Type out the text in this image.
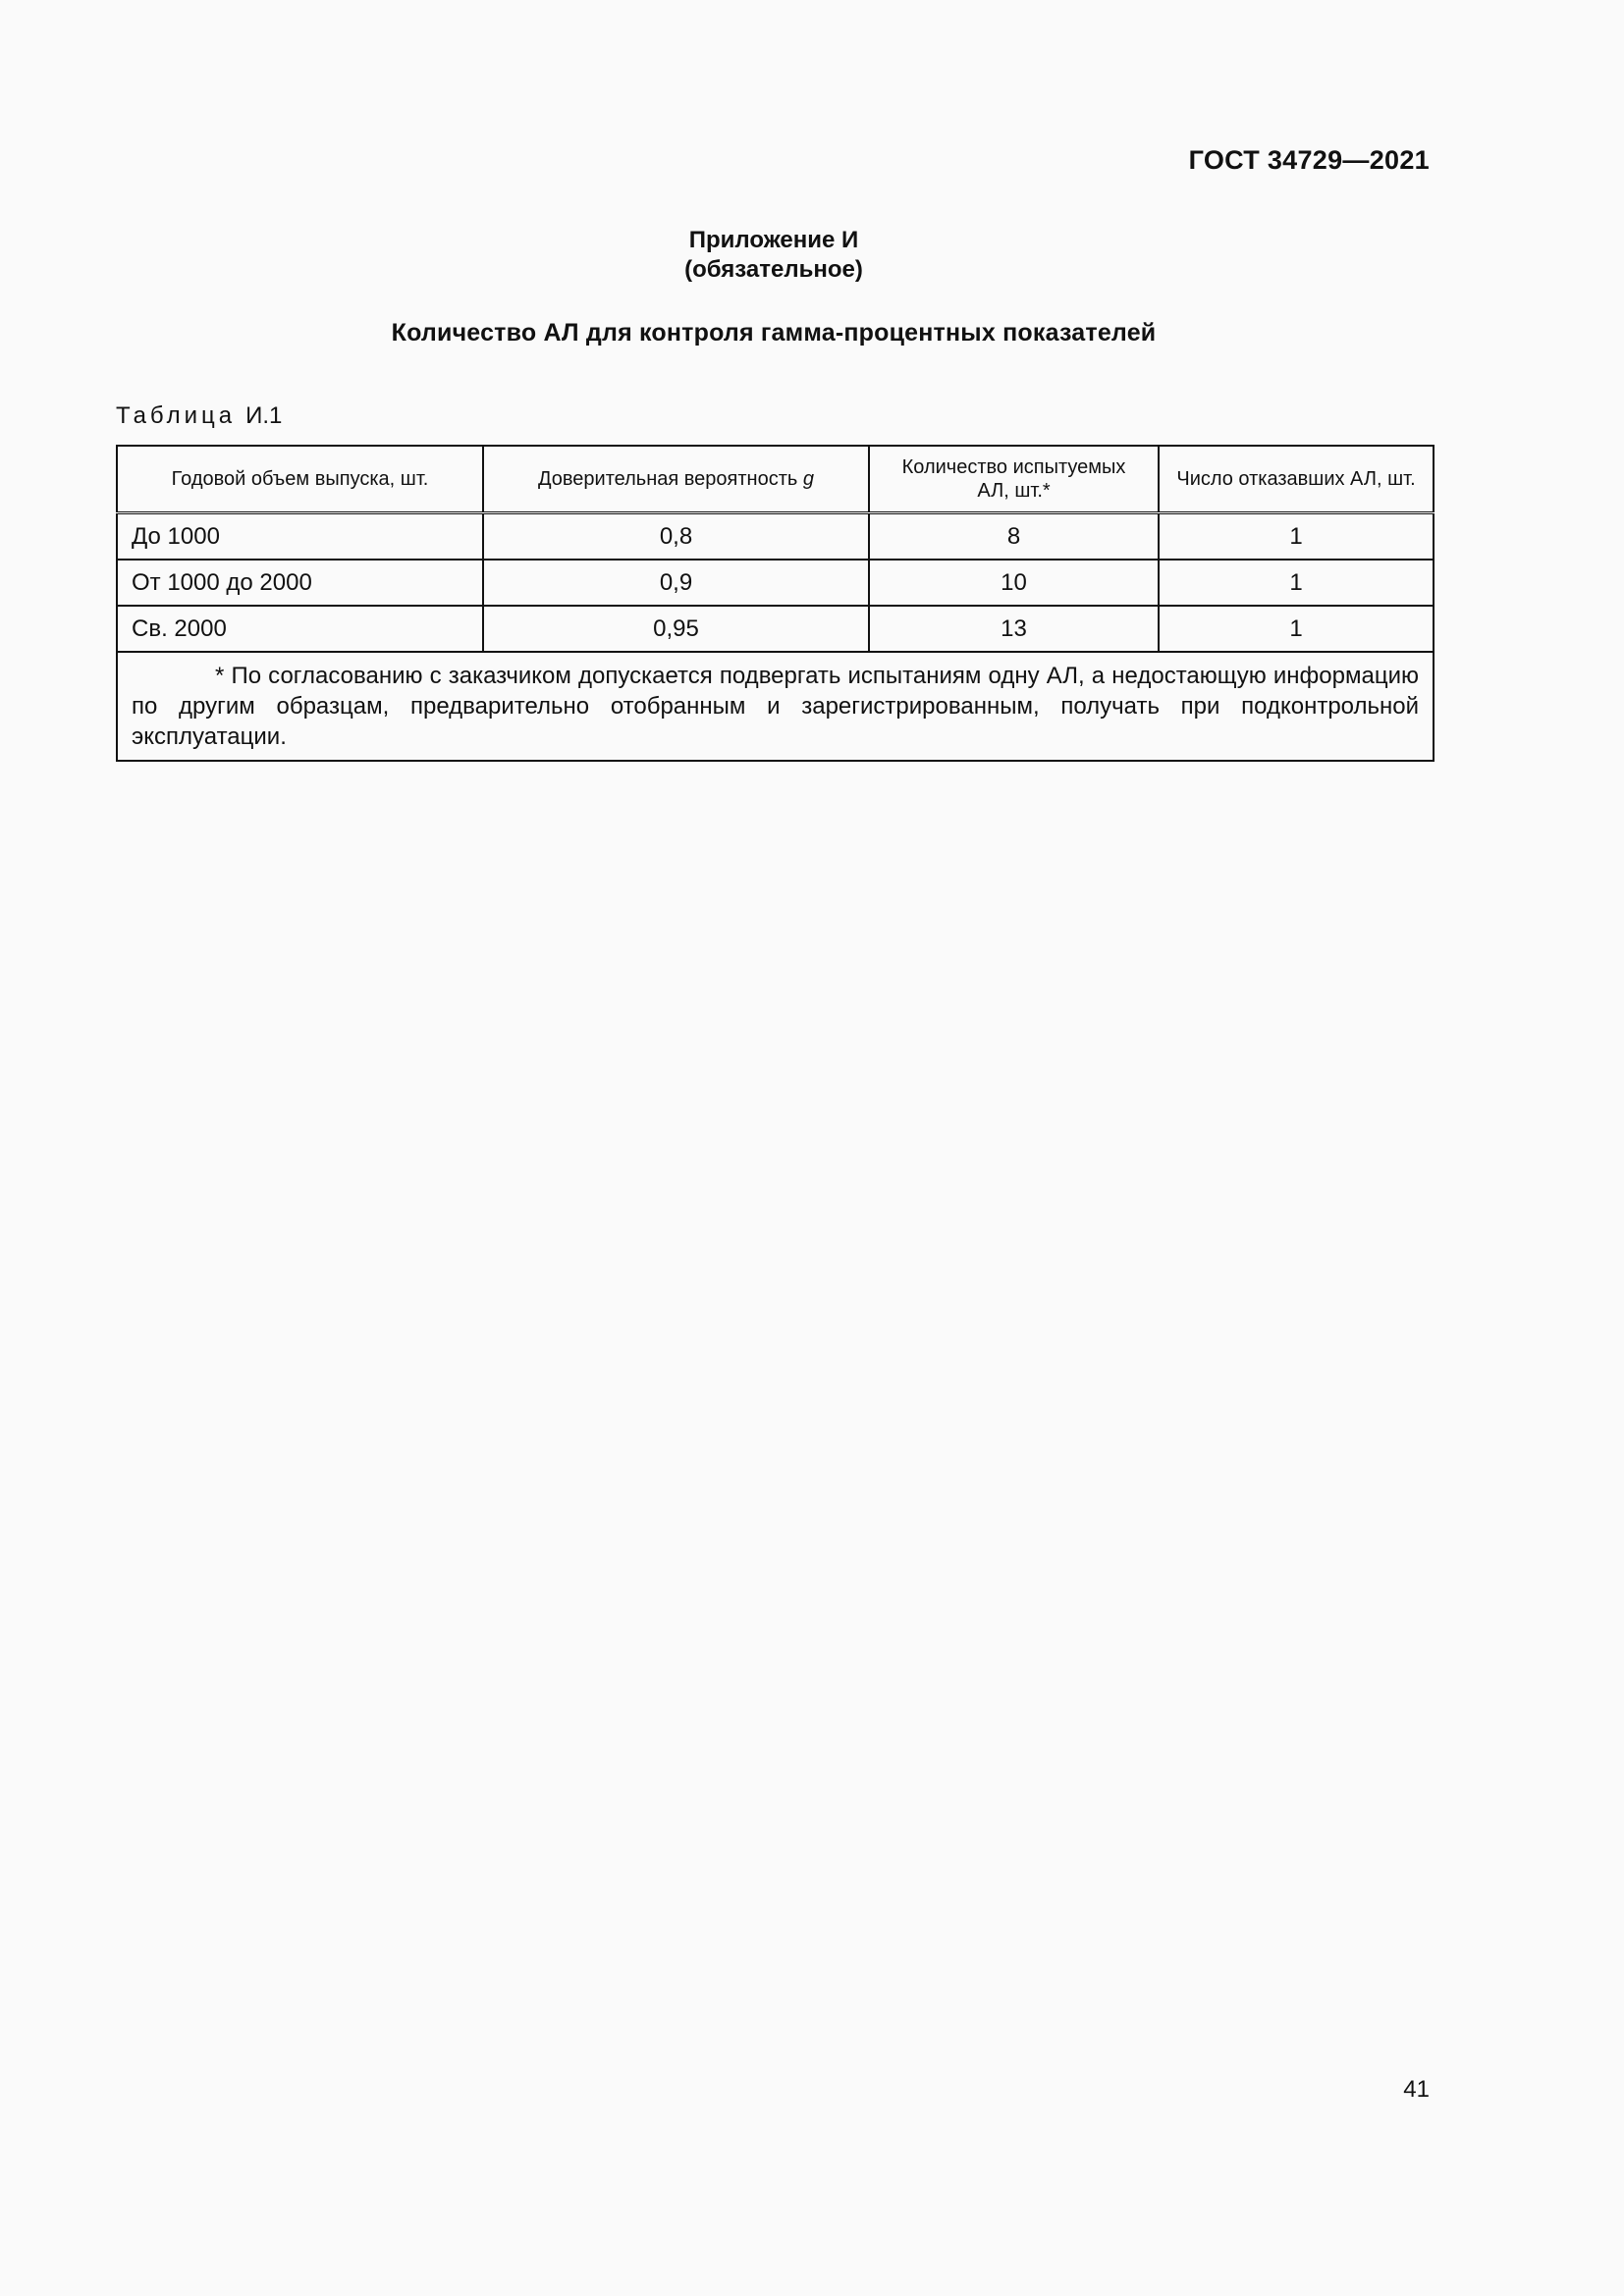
ГОСТ 34729—2021
Приложение И
(обязательное)
Количество АЛ для контроля гамма-процентных показателей
Таблица И.1
Годовой объем выпуска, шт.	Доверительная вероятность g	Количество испытуемых АЛ, шт.*	Число отказавших АЛ, шт.
До 1000	0,8	8	1
От 1000 до 2000	0,9	10	1
Св. 2000	0,95	13	1

* По согласованию с заказчиком допускается подвергать испытаниям одну АЛ, а недостающую информацию по другим образцам, предварительно отобранным и зарегистрированным, получать при подконтрольной эксплуатации.			
41
